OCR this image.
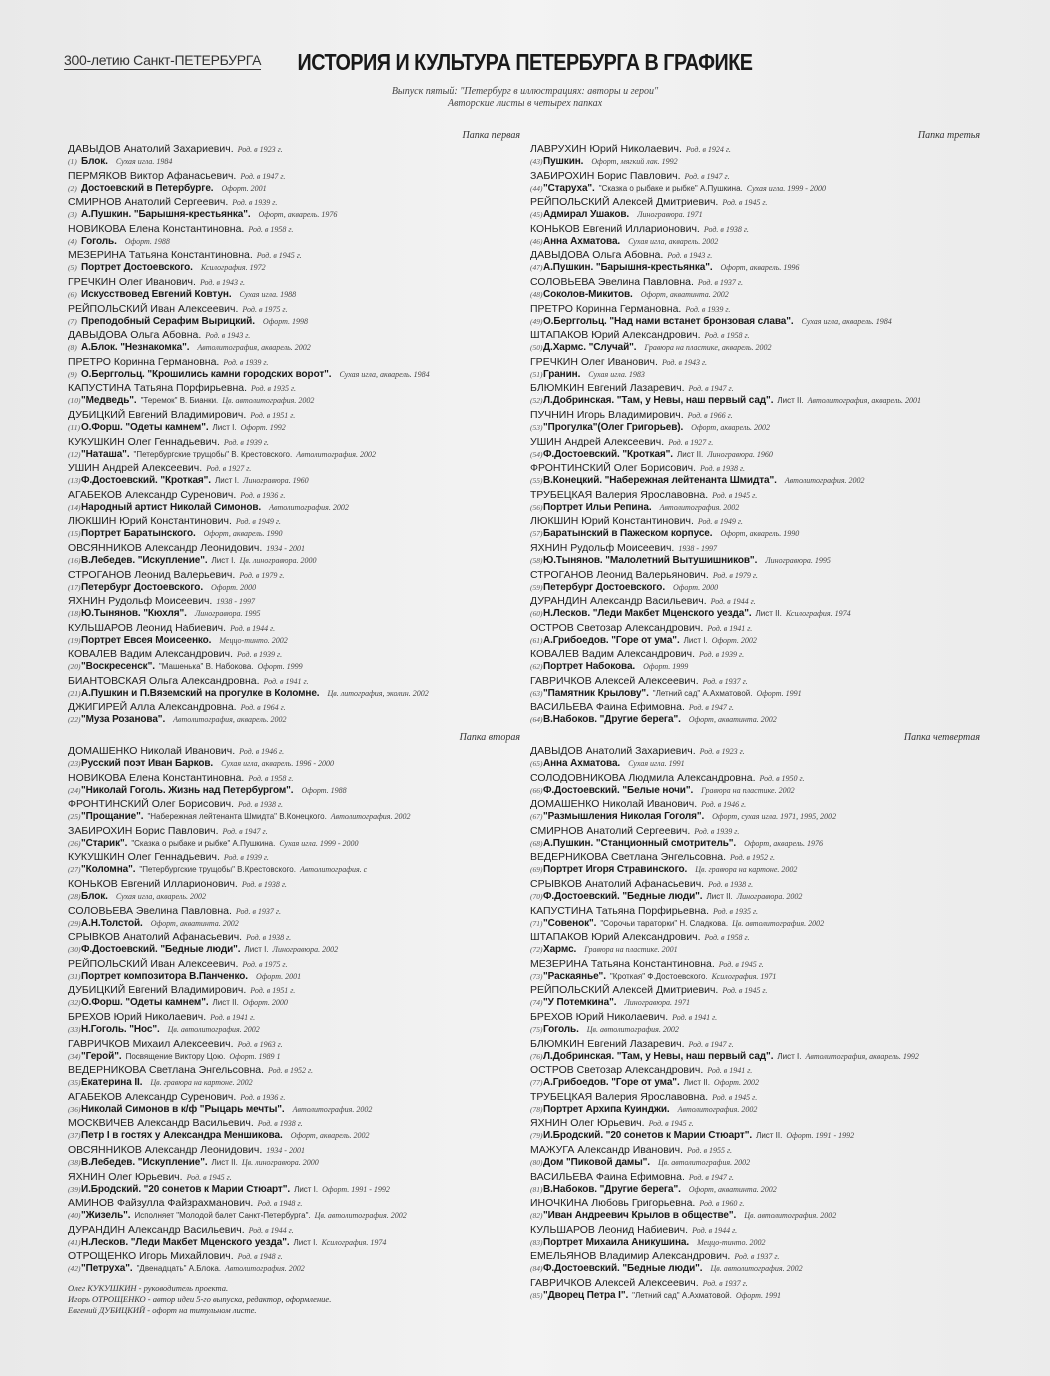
300-летию Санкт-ПЕТЕРБУРГА	ИСТОРИЯ И КУЛЬТУРА ПЕТЕРБУРГА В ГРАФИКЕ
Выпуск пятый: "Петербург в иллюстрациях: авторы и герои"
Авторские листы в четырех папках
Папка первая
ДАВЫДОВ Анатолий Захариевич. Род. в 1923 г.
(1) Блок. Сухая игла. 1984
ПЕРМЯКОВ Виктор Афанасьевич. Род. в 1947 г.
(2) Достоевский в Петербурге. Офорт. 2001
СМИРНОВ Анатолий Сергеевич. Род. в 1939 г.
(3) А.Пушкин. "Барышня-крестьянка". Офорт, акварель. 1976
НОВИКОВА Елена Константиновна. Род. в 1958 г.
(4) Гоголь. Офорт. 1988
МЕЗЕРИНА Татьяна Константиновна. Род. в 1945 г.
(5) Портрет Достоевского. Ксилография. 1972
ГРЕЧКИН Олег Иванович. Род. в 1943 г.
(6) Искусствовед Евгений Ковтун. Сухая игла. 1988
РЕЙПОЛЬСКИЙ Иван Алексеевич. Род. в 1975 г.
(7) Преподобный Серафим Вырицкий. Офорт. 1998
ДАВЫДОВА Ольга Абовна. Род. в 1943 г.
(8) А.Блок. "Незнакомка". Автолитография, акварель. 2002
ПРЕТРО Коринна Германовна. Род. в 1939 г.
(9) О.Берггольц. "Крошились камни городских ворот". Сухая игла, акварель. 1984
КАПУСТИНА Татьяна Порфирьевна. Род. в 1935 г.
(10)"Медведь". "Теремок" В. Бианки. Цв. автолитография. 2002
ДУБИЦКИЙ Евгений Владимирович. Род. в 1951 г.
(11)О.Форш. "Одеты камнем". Лист I. Офорт. 1992
КУКУШКИН Олег Геннадьевич. Род. в 1939 г.
(12)"Наташа". "Петербургские трущобы" В. Крестовского. Автолитография. 2002
УШИН Андрей Алексеевич. Род. в 1927 г.
(13)Ф.Достоевский. "Кроткая". Лист I. Линогравюра. 1960
АГАБЕКОВ Александр Суренович. Род. в 1936 г.
(14)Народный артист Николай Симонов. Автолитография. 2002
ЛЮКШИН Юрий Константинович. Род. в 1949 г.
(15)Портрет Баратынского. Офорт, акварель. 1990
ОВСЯННИКОВ Александр Леонидович. 1934 - 2001
(16)В.Лебедев. "Искупление". Лист I. Цв. линогравюра. 2000
СТРОГАНОВ Леонид Валерьевич. Род. в 1979 г.
(17)Петербург Достоевского. Офорт. 2000
ЯХНИН Рудольф Моисеевич. 1938 - 1997
(18)Ю.Тынянов. "Кюхля". Линогравюра. 1995
КУЛЬШАРОВ Леонид Набиевич. Род. в 1944 г.
(19)Портрет Евсея Моисеенко. Меццо-тинто. 2002
КОВАЛЕВ Вадим Александрович. Род. в 1939 г.
(20)"Воскресенск". "Машенька" В. Набокова. Офорт. 1999
БИАНТОВСКАЯ Ольга Александровна. Род. в 1941 г.
(21)А.Пушкин и П.Вяземский на прогулке в Коломне. Цв. литография, эколин. 2002
ДЖИГИРЕЙ Алла Александровна. Род. в 1964 г.
(22)"Муза Розанова". Автолитография, акварель. 2002
Папка вторая
ДОМАШЕНКО Николай Иванович. Род. в 1946 г.
(23)Русский поэт Иван Барков. Сухая игла, акварель. 1996 - 2000
НОВИКОВА Елена Константиновна. Род. в 1958 г.
(24)"Николай Гоголь. Жизнь над Петербургом". Офорт. 1988
ФРОНТИНСКИЙ Олег Борисович. Род. в 1938 г.
(25)"Прощание". "Набережная лейтенанта Шмидта" В.Конецкого. Автолитография. 2002
ЗАБИРОХИН Борис Павлович. Род. в 1947 г.
(26)"Старик". "Сказка о рыбаке и рыбке" А.Пушкина. Сухая игла. 1999 - 2000
КУКУШКИН Олег Геннадьевич. Род. в 1939 г.
(27)"Коломна". "Петербургские трущобы" В.Крестовского. Автолитография. с
КОНЬКОВ Евгений Илларионович. Род. в 1938 г.
(28)Блок. Сухая игла, акварель. 2002
СОЛОВЬЕВА Эвелина Павловна. Род. в 1937 г.
(29)А.Н.Толстой. Офорт, акватинта. 2002
СРЫВКОВ Анатолий Афанасьевич. Род. в 1938 г.
(30)Ф.Достоевский. "Бедные люди". Лист I. Линогравюра. 2002
РЕЙПОЛЬСКИЙ Иван Алексеевич. Род. в 1975 г.
(31)Портрет композитора В.Панченко. Офорт. 2001
ДУБИЦКИЙ Евгений Владимирович. Род. в 1951 г.
(32)О.Форш. "Одеты камнем". Лист II. Офорт. 2000
БРЕХОВ Юрий Николаевич. Род. в 1941 г.
(33)Н.Гоголь. "Нос". Цв. автолитография. 2002
ГАВРИЧКОВ Михаил Алексеевич. Род. в 1963 г.
(34)"Герой". Посвящение Виктору Цою. Офорт. 1989 1
ВЕДЕРНИКОВА Светлана Энгельсовна. Род. в 1952 г.
(35)Екатерина II. Цв. гравюра на картоне. 2002
АГАБЕКОВ Александр Суренович. Род. в 1936 г.
(36)Николай Симонов в к/ф "Рыцарь мечты". Автолитография. 2002
МОСКВИЧЕВ Александр Васильевич. Род. в 1938 г.
(37)Петр I в гостях у Александра Меншикова. Офорт, акварель. 2002
ОВСЯННИКОВ Александр Леонидович. 1934 - 2001
(38)В.Лебедев. "Искупление". Лист II. Цв. линогравюра. 2000
ЯХНИН Олег Юрьевич. Род. в 1945 г.
(39)И.Бродский. "20 сонетов к Марии Стюарт". Лист I. Офорт. 1991 - 1992
АМИНОВ Файзулла Файзрахманович. Род. в 1948 г.
(40)"Жизель". Исполняет "Молодой балет Санкт-Петербурга". Цв. автолитография. 2002
ДУРАНДИН Александр Васильевич. Род. в 1944 г.
(41)Н.Лесков. "Леди Макбет Мценского уезда". Лист I. Ксилография. 1974
ОТРОЩЕНКО Игорь Михайлович. Род. в 1948 г.
(42)"Петруха". "Двенадцать" А.Блока. Автолитография. 2002
Папка третья
ЛАВРУХИН Юрий Николаевич. Род. в 1924 г.
(43)Пушкин. Офорт, мягкий лак. 1992
ЗАБИРОХИН Борис Павлович. Род. в 1947 г.
(44)"Старуха". "Сказка о рыбаке и рыбке" А.Пушкина. Сухая игла. 1999 - 2000
РЕЙПОЛЬСКИЙ Алексей Дмитриевич. Род. в 1945 г.
(45)Адмирал Ушаков. Линогравюра. 1971
КОНЬКОВ Евгений Илларионович. Род. в 1938 г.
(46)Анна Ахматова. Сухая игла, акварель. 2002
ДАВЫДОВА Ольга Абовна. Род. в 1943 г.
(47)А.Пушкин. "Барышня-крестьянка". Офорт, акварель. 1996
СОЛОВЬЕВА Эвелина Павловна. Род. в 1937 г.
(48)Соколов-Микитов. Офорт, акватинта. 2002
ПРЕТРО Коринна Германовна. Род. в 1939 г.
(49)О.Берггольц. "Над нами встанет бронзовая слава". Сухая игла, акварель. 1984
ШТАПАКОВ Юрий Александрович. Род. в 1958 г.
(50)Д.Хармс. "Случай". Гравюра на пластике, акварель. 2002
ГРЕЧКИН Олег Иванович. Род. в 1943 г.
(51)Гранин. Сухая игла. 1983
БЛЮМКИН Евгений Лазаревич. Род. в 1947 г.
(52)Л.Добринская. "Там, у Невы, наш первый сад". Лист II. Автолитография, акварель. 2001
ПУЧНИН Игорь Владимирович. Род. в 1966 г.
(53)"Прогулка"(Олег Григорьев). Офорт, акварель. 2002
УШИН Андрей Алексеевич. Род. в 1927 г.
(54)Ф.Достоевский. "Кроткая". Лист II. Линогравюра. 1960
ФРОНТИНСКИЙ Олег Борисович. Род. в 1938 г.
(55)В.Конецкий. "Набережная лейтенанта Шмидта". Автолитография. 2002
ТРУБЕЦКАЯ Валерия Ярославовна. Род. в 1945 г.
(56)Портрет Ильи Репина. Автолитография. 2002
ЛЮКШИН Юрий Константинович. Род. в 1949 г.
(57)Баратынский в Пажеском корпусе. Офорт, акварель. 1990
ЯХНИН Рудольф Моисеевич. 1938 - 1997
(58)Ю.Тынянов. "Малолетний Вытушишников". Линогравюра. 1995
СТРОГАНОВ Леонид Валерьянович. Род. в 1979 г.
(59)Петербург Достоевского. Офорт. 2000
ДУРАНДИН Александр Васильевич. Род. в 1944 г.
(60)Н.Лесков. "Леди Макбет Мценского уезда". Лист II. Ксилография. 1974
ОСТРОВ Светозар Александрович. Род. в 1941 г.
(61)А.Грибоедов. "Горе от ума". Лист I. Офорт. 2002
КОВАЛЕВ Вадим Александрович. Род. в 1939 г.
(62)Портрет Набокова. Офорт. 1999
ГАВРИЧКОВ Алексей Алексеевич. Род. в 1937 г.
(63)"Памятник Крылову". "Летний сад" А.Ахматовой. Офорт. 1991
ВАСИЛЬЕВА Фаина Ефимовна. Род. в 1947 г.
(64)В.Набоков. "Другие берега". Офорт, акватинта. 2002
Папка четвертая
ДАВЫДОВ Анатолий Захариевич. Род. в 1923 г.
(65)Анна Ахматова. Сухая игла. 1991
СОЛОДОВНИКОВА Людмила Александровна. Род. в 1950 г.
(66)Ф.Достоевский. "Белые ночи". Гравюра на пластике. 2002
ДОМАШЕНКО Николай Иванович. Род. в 1946 г.
(67)"Размышления Николая Гоголя". Офорт, сухая игла. 1971, 1995, 2002
СМИРНОВ Анатолий Сергеевич. Род. в 1939 г.
(68)А.Пушкин. "Станционный смотритель". Офорт, акварель. 1976
ВЕДЕРНИКОВА Светлана Энгельсовна. Род. в 1952 г.
(69)Портрет Игоря Стравинского. Цв. гравюра на картоне. 2002
СРЫВКОВ Анатолий Афанасьевич. Род. в 1938 г.
(70)Ф.Достоевский. "Бедные люди". Лист II. Линогравюра. 2002
КАПУСТИНА Татьяна Порфирьевна. Род. в 1935 г.
(71)"Совенок". "Сорочьи тараторки" Н. Сладкова. Цв. автолитография. 2002
ШТАПАКОВ Юрий Александрович. Род. в 1958 г.
(72)Хармс. Гравюра на пластике. 2001
МЕЗЕРИНА Татьяна Константиновна. Род. в 1945 г.
(73)"Раскаянье". "Кроткая" Ф.Достоевского. Ксилография. 1971
РЕЙПОЛЬСКИЙ Алексей Дмитриевич. Род. в 1945 г.
(74)"У Потемкина". Линогравюра. 1971
БРЕХОВ Юрий Николаевич. Род. в 1941 г.
(75)Гоголь. Цв. автолитография. 2002
БЛЮМКИН Евгений Лазаревич. Род. в 1947 г.
(76)Л.Добринская. "Там, у Невы, наш первый сад". Лист I. Автолитография, акварель. 1992
ОСТРОВ Светозар Александрович. Род. в 1941 г.
(77)А.Грибоедов. "Горе от ума". Лист II. Офорт. 2002
ТРУБЕЦКАЯ Валерия Ярославовна. Род. в 1945 г.
(78)Портрет Архипа Куинджи. Автолитография. 2002
ЯХНИН Олег Юрьевич. Род. в 1945 г.
(79)И.Бродский. "20 сонетов к Марии Стюарт". Лист II. Офорт. 1991 - 1992
МАЖУГА Александр Иванович. Род. в 1955 г.
(80)Дом "Пиковой дамы". Цв. автолитография. 2002
ВАСИЛЬЕВА Фаина Ефимовна. Род. в 1947 г.
(81)В.Набоков. "Другие берега". Офорт, акватинта. 2002
ИНОЧКИНА Любовь Григорьевна. Род. в 1960 г.
(82)"Иван Андреевич Крылов в обществе". Цв. автолитография. 2002
КУЛЬШАРОВ Леонид Набиевич. Род. в 1944 г.
(83)Портрет Михаила Аникушина. Меццо-тинто. 2002
ЕМЕЛЬЯНОВ Владимир Александрович. Род. в 1937 г.
(84)Ф.Достоевский. "Бедные люди". Цв. автолитография. 2002
ГАВРИЧКОВ Алексей Алексеевич. Род. в 1937 г.
(85)"Дворец Петра I". "Летний сад" А.Ахматовой. Офорт. 1991
Олег КУКУШКИН - руководитель проекта.
Игорь ОТРОЩЕНКО - автор идеи 5-го выпуска, редактор, оформление.
Евгений ДУБИЦКИЙ - офорт на титульном листе.
